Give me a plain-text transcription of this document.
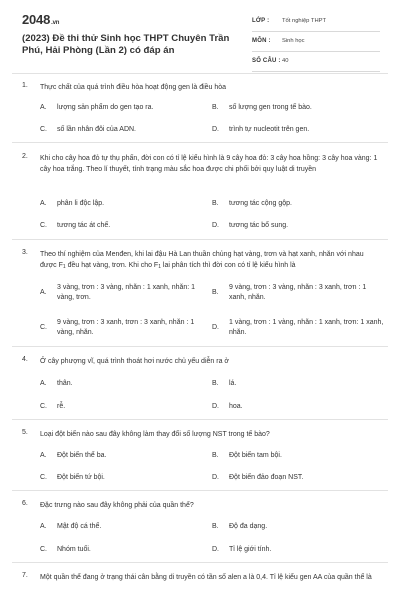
2048.vn
(2023) Đề thi thử Sinh học THPT Chuyên Trần Phú, Hải Phòng (Lần 2) có đáp án
LỚP : Tốt nghiệp THPT
MÔN : Sinh học
SỐ CÂU : 40
1. Thực chất của quá trình điều hòa hoạt động gen là điều hòa
A. lượng sản phẩm do gen tạo ra.	B. số lượng gen trong tế bào.
C. số lần nhân đôi của ADN.	D. trình tự nucleotit trên gen.
2. Khi cho cây hoa đỏ tự thụ phấn, đời con có tỉ lệ kiểu hình là 9 cây hoa đỏ: 3 cây hoa hồng: 3 cây hoa vàng: 1 cây hoa trắng. Theo lí thuyết, tính trạng màu sắc hoa được chi phối bởi quy luật di truyền
A. phân li độc lập.	B. tương tác cộng gộp.
C. tương tác át chế.	D. tương tác bổ sung.
3. Theo thí nghiệm của Menđen, khi lai đậu Hà Lan thuần chủng hạt vàng, trơn và hạt xanh, nhăn với nhau được $F_1$ đều hạt vàng, trơn. Khi cho $F_1$ lai phân tích thì đời con có tỉ lệ kiểu hình là
A.
3 vàng, trơn : 3 vàng, nhăn : 1 xanh, nhăn: 1 vàng, trơn.
B.
9 vàng, trơn : 3 vàng, nhăn : 3 xanh, trơn : 1 xanh, nhăn.
C.
9 vàng, trơn : 3 xanh, trơn : 3 xanh, nhăn : 1 vàng, nhăn.
D.
1 vàng, trơn : 1 vàng, nhăn : 1 xanh, trơn: 1 xanh, nhăn.
4. Ở cây phượng vĩ, quá trình thoát hơi nước chủ yếu diễn ra ở
A. thân.	B. lá.
C. rễ.	D. hoa.
5. Loại đột biến nào sau đây không làm thay đổi số lượng NST trong tế bào?
A. Đột biến thể ba.	B. Đột biến tam bội.
C. Đột biến tứ bội.	D. Đột biến đảo đoạn NST.
6. Đặc trưng nào sau đây không phải của quần thể?
A. Mật độ cá thể.	B. Độ đa dạng.
C. Nhóm tuổi.	D. Tỉ lệ giới tính.
7. Một quần thể đang ở trạng thái cân bằng di truyền có tần số alen a là 0,4. Tỉ lệ kiểu gen AA của quần thể là
